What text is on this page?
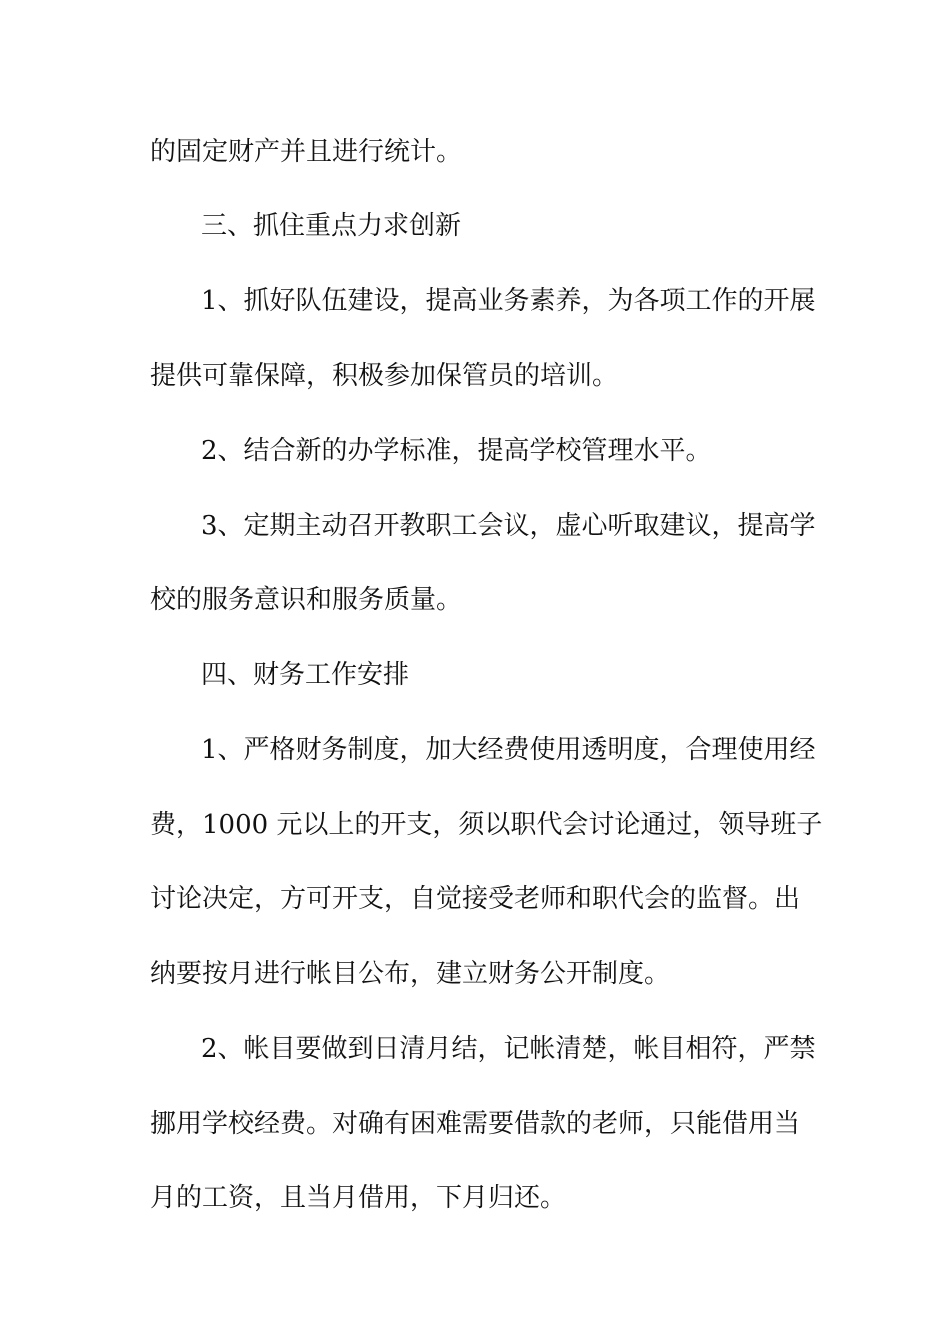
的固定财产并且进行统计。
三、抓住重点力求创新
1、抓好队伍建设，提高业务素养，为各项工作的开展
提供可靠保障，积极参加保管员的培训。
2、结合新的办学标准，提高学校管理水平。
3、定期主动召开教职工会议，虚心听取建议，提高学
校的服务意识和服务质量。
四、财务工作安排
1、严格财务制度，加大经费使用透明度，合理使用经
费，1000 元以上的开支，须以职代会讨论通过，领导班子
讨论决定，方可开支，自觉接受老师和职代会的监督。出
纳要按月进行帐目公布，建立财务公开制度。
2、帐目要做到日清月结，记帐清楚，帐目相符，严禁
挪用学校经费。对确有困难需要借款的老师，只能借用当
月的工资，且当月借用，下月归还。
